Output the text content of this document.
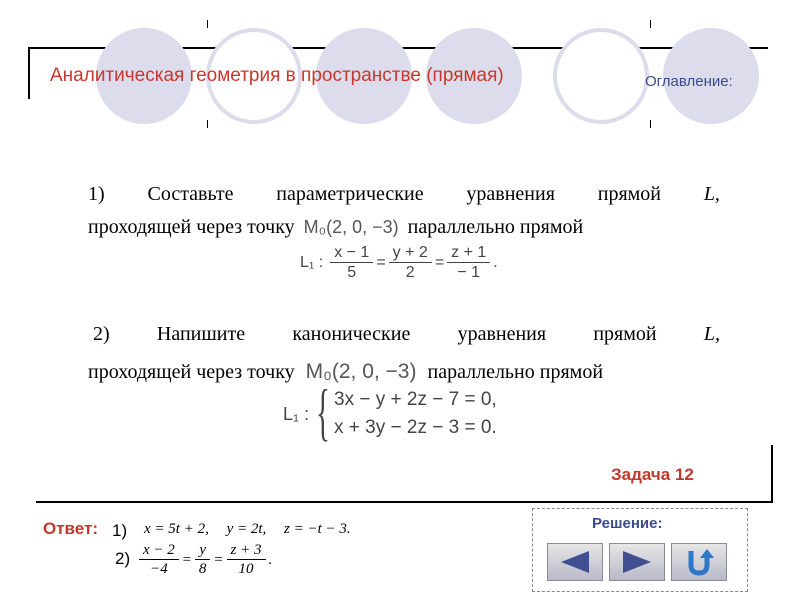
Аналитическая геометрия в пространстве (прямая)	Оглавление:
1) Составьте параметрические уравнения прямой L,
проходящей через точку M₀(2, 0, −3) параллельно прямой
L₁ : $\frac{x - 1}{5} = \frac{y + 2}{2} = \frac{z + 1}{- 1}$ .
2) Напишите канонические уравнения прямой L,
проходящей через точку M₀(2, 0, −3) параллельно прямой
L₁ : { 3x − y + 2z − 7 = 0,
x + 3y − 2z − 3 = 0.
Задача 12
Ответ: 1) x = 5t + 2, y = 2t, z = −t − 3.
$2) \frac{x - 2}{-4} = \frac{y}{8} = \frac{z + 3}{10}$ .
Решение:
